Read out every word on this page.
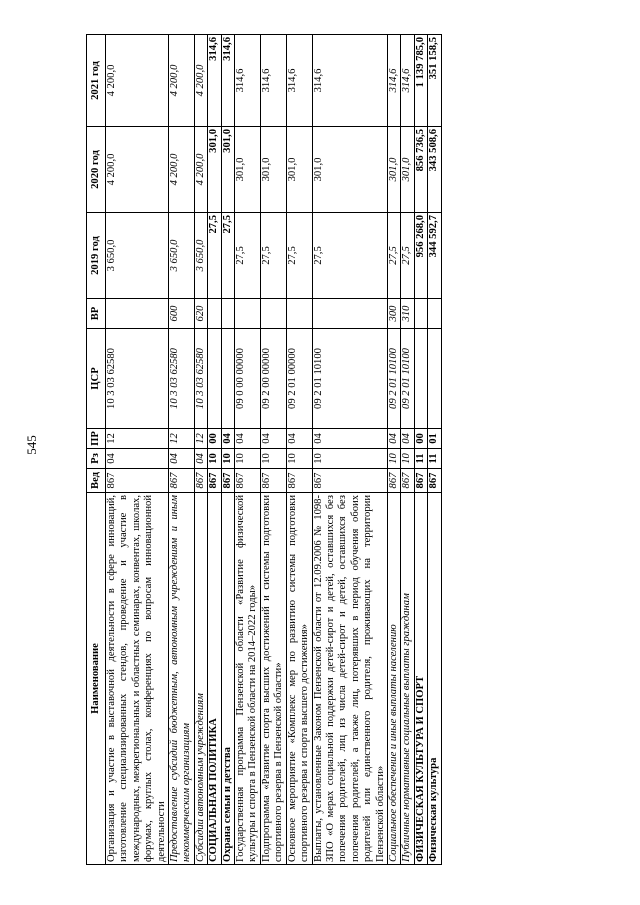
545
Наименование	Вед	Рз	ПР	ЦСР	ВР	2019 год	2020 год	2021 год
Организация и участие в выставочной деятельности в сфере инноваций, изготовление специализированных стендов, проведение и участие в международных, межрегиональных и областных семинарах, конвентах, школах, форумах, круглых столах, конференциях по вопросам инновационной деятельности	867	04	12	10 3 03 62580		3 650,0	4 200,0	4 200,0
Предоставление субсидий бюджетным, автономным учреждениям и иным некоммерческим организациям	867	04	12	10 3 03 62580	600	3 650,0	4 200,0	4 200,0
Субсидии автономным учреждениям	867	04	12	10 3 03 62580	620	3 650,0	4 200,0	4 200,0
СОЦИАЛЬНАЯ ПОЛИТИКА	867	10	00			27,5	301,0	314,6
Охрана семьи и детства	867	10	04			27,5	301,0	314,6
Государственная программа Пензенской области «Развитие физической культуры и спорта в Пензенской области на 2014–2022 годы»	867	10	04	09 0 00 00000		27,5	301,0	314,6
Подпрограмма «Развитие спорта высших достижений и системы подготовки спортивного резерва в Пензенской области»	867	10	04	09 2 00 00000		27,5	301,0	314,6
Основное мероприятие «Комплекс мер по развитию системы подготовки спортивного резерва и спорта высшего достижения»	867	10	04	09 2 01 00000		27,5	301,0	314,6
Выплаты, установленные Законом Пензенской области от 12.09.2006 № 1098-ЗПО «О мерах социальной поддержки детей-сирот и детей, оставшихся без попечения родителей, лиц из числа детей-сирот и детей, оставшихся без попечения родителей, а также лиц, потерявших в период обучения обоих родителей или единственного родителя, проживающих на территории Пензенской области»	867	10	04	09 2 01 10100		27,5	301,0	314,6
Социальное обеспечение и иные выплаты населению	867	10	04	09 2 01 10100	300	27,5	301,0	314,6
Публичные нормативные социальные выплаты гражданам	867	10	04	09 2 01 10100	310	27,5	301,0	314,6
ФИЗИЧЕСКАЯ КУЛЬТУРА И СПОРТ	867	11	00			956 268,0	856 736,5	1 139 785,0
Физическая культура	867	11	01			344 592,7	343 508,6	351 158,5
